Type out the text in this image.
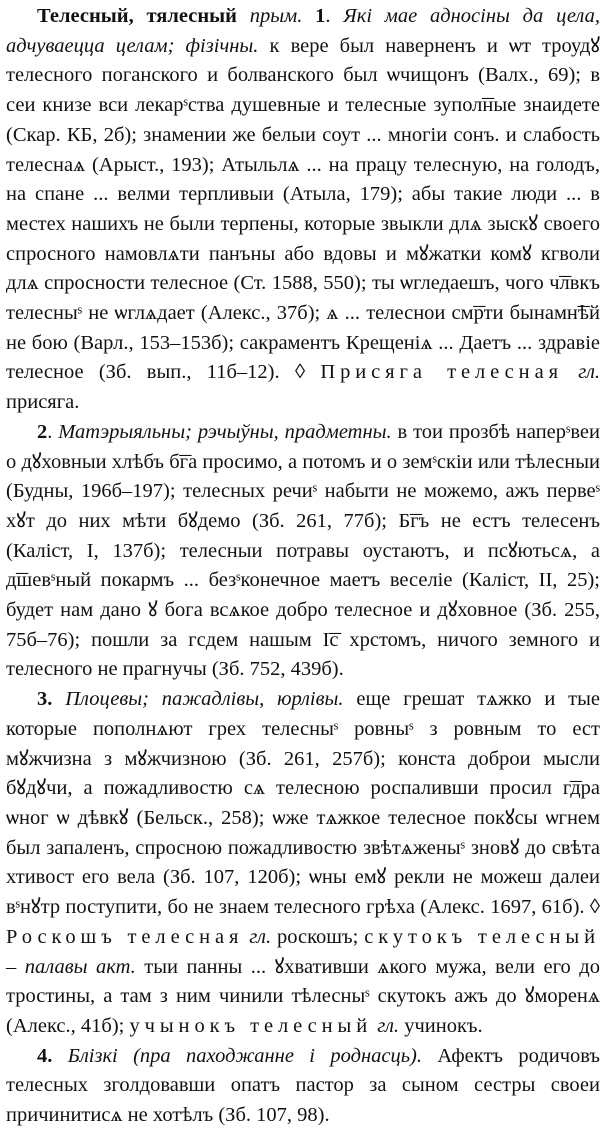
Телесный, тялесный прым. 1. Які мае адносіны да цела, адчуваецца целам; фізічны. к вере был наверненъ и ѡт троудꙋ телесного поганского и болванского был ѡчищонъ (Валх., 69); в сеи книзе вси лекарˢства душевные и телесные зупол͞ные знаидете (Скар. КБ, 2б); знамении же белыи соут ... многіи сонъ. и слабость телеснаѧ (Арыст., 193); Атыльлѧ ... на працу телесную, на голодъ, на спане ... велми терпливыи (Атыла, 179); абы такие люди ... в местех нашихъ не были терпены, которые звыкли длѧ зыскꙋ своего спросного намовлѧти панъны або вдовы и мꙋжатки комꙋ кгволи длѧ спросности телесное (Ст. 1588, 550); ты ѡгледаешъ, чого ч͞лвкъ телесныˢ не ѡглѧдает (Алекс., 37б); ѧ ... телеснои см͞рти бынамн͞ѣй не бою (Варл., 153–153б); сакраментъ Крещеніѧ ... Даетъ ... здравіе телесное (Зб. вып., 11б–12). ◊ Присяга телесная гл. присяга.

2. Матэрыяльны; рэчыўны, прадметны. в тои прозбѣ наперˢвеи о дꙋховныи хлѣбъ б͞га просимо, а потомъ и о земˢскіи или тѣлесныи (Будны, 196б–197); телесных речиˢ набыти не можемо, ажъ первеˢ хꙋт до них мѣти бꙋдемо (Зб. 261, 77б); Б͞гъ не естъ телесенъ (Каліст, І, 137б); телесныи потравы оустаютъ, и псꙋютьсѧ, а д͞шевˢный покармъ ... безˢконечное маетъ веселіе (Каліст, ІІ, 25); будет нам дано ꙋ бога всѧкое добро телесное и дꙋховное (Зб. 255, 75б–76); пошли за гсдем нашым І͞с хрстомъ, ничого земного и телесного не прагнучы (Зб. 752, 439б).

3. Плоцевы; пажадлівы, юрлівы. еще грешат тѧжко и тые которые пополнѧют грех телесныˢ ровныˢ з ровным то ест мꙋжчизна з мꙋжчизною (Зб. 261, 257б); конста доброи мысли бꙋдꙋчи, а пожадливостю сѧ телесною роспаливши просил г͞дра ѡног ѡ дѣвкꙋ (Бельск., 258); ѡже тѧжкое телесное покꙋсы ѡгнем был запаленъ, спросною пожадливостю звѣтѧженыˢ зновꙋ до свѣта хтивост его вела (Зб. 107, 120б); ѡны емꙋ рекли не можеш далеи вˢнꙋтр поступити, бо не знаем телесного грѣха (Алекс. 1697, 61б). ◊ Роскошъ телесная гл. роскошъ; скутокъ телесный – палавы акт. тыи панны ... ꙋхвативши ѧкого мужа, вели его до тростины, а там з ним чинили тѣлесныˢ скутокъ ажъ до ꙋморенѧ (Алекс., 41б); учынокъ телесный гл. учинокъ.

4. Блізкі (пра паходжанне і роднасць). Афектъ родичовъ телесных зголдовавши опатъ пастор за сыном сестры своеи причинитисѧ не хотѣлъ (Зб. 107, 98).
